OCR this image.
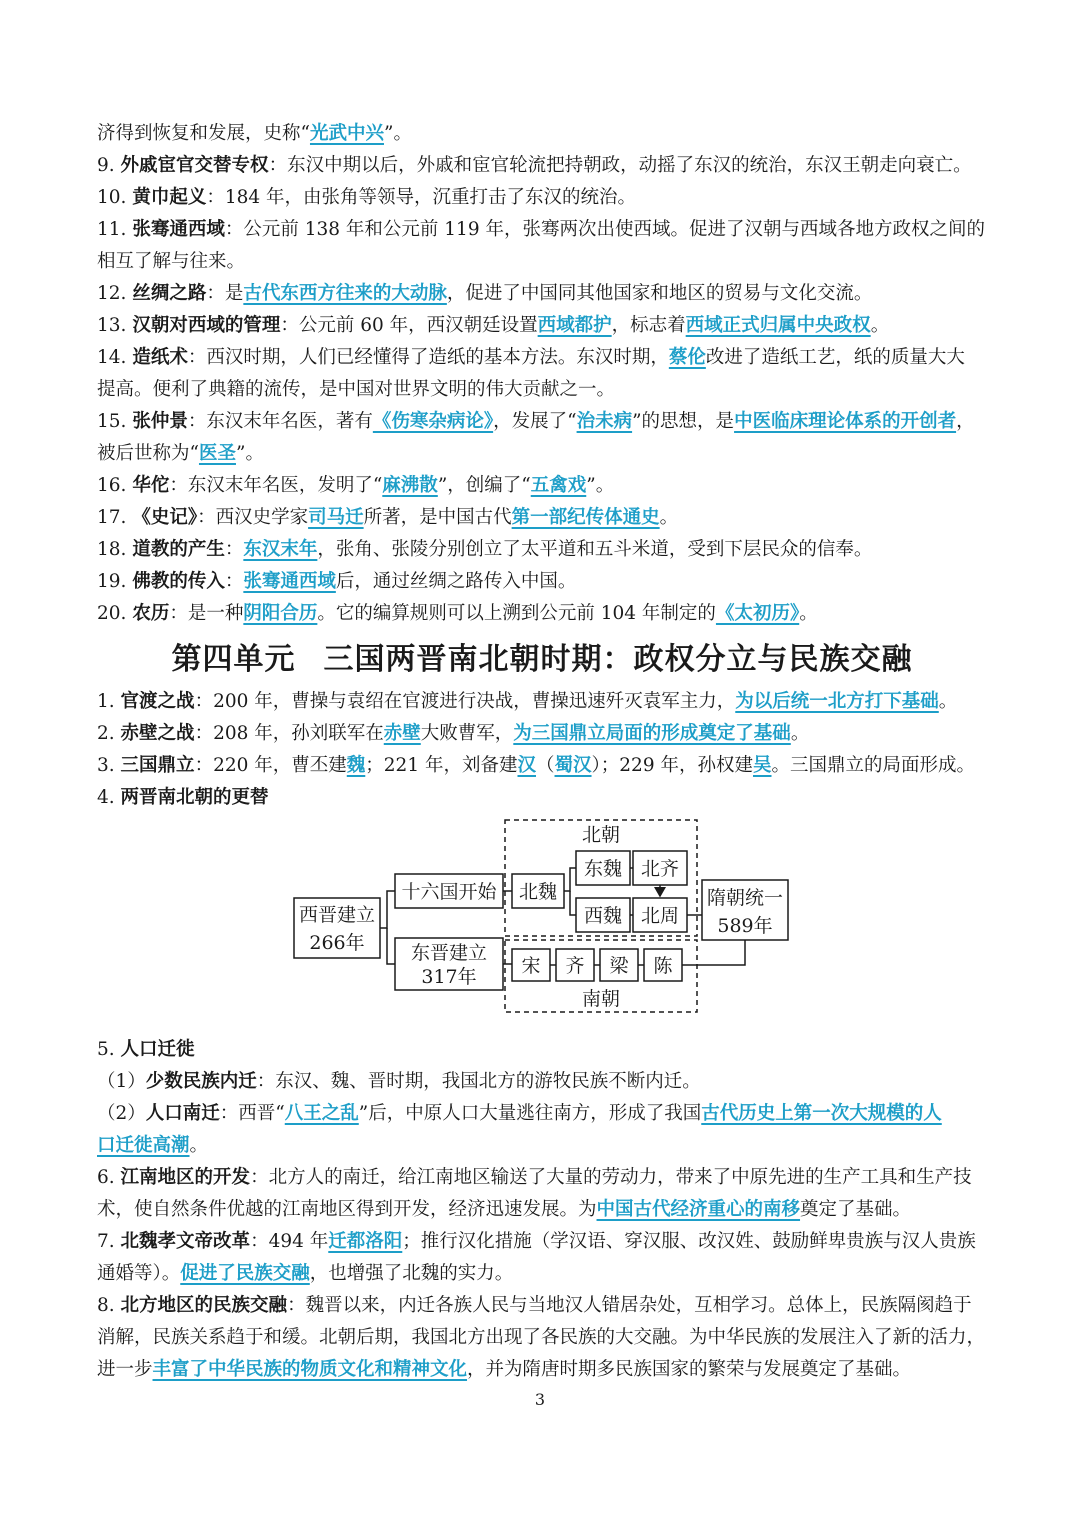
济得到恢复和发展，史称“光武中兴”。

9. 外戚宦官交替专权：东汉中期以后，外戚和宦官轮流把持朝政，动摇了东汉的统治，东汉王朝走向衰亡。

10. 黄巾起义：184 年，由张角等领导，沉重打击了东汉的统治。

11. 张骞通西域：公元前 138 年和公元前 119 年，张骞两次出使西域。促进了汉朝与西域各地方政权之间的

相互了解与往来。

12. 丝绸之路：是古代东西方往来的大动脉，促进了中国同其他国家和地区的贸易与文化交流。

13. 汉朝对西域的管理：公元前 60 年，西汉朝廷设置西域都护，标志着西域正式归属中央政权。

14. 造纸术：西汉时期，人们已经懂得了造纸的基本方法。东汉时期，蔡伦改进了造纸工艺，纸的质量大大

提高。便利了典籍的流传，是中国对世界文明的伟大贡献之一。

15. 张仲景：东汉末年名医，著有《伤寒杂病论》，发展了“治未病”的思想，是中医临床理论体系的开创者，

被后世称为“医圣”。

16. 华佗：东汉末年名医，发明了“麻沸散”，创编了“五禽戏”。

17. 《史记》：西汉史学家司马迁所著，是中国古代第一部纪传体通史。

18. 道教的产生：东汉末年，张角、张陵分别创立了太平道和五斗米道，受到下层民众的信奉。

19. 佛教的传入：张骞通西域后，通过丝绸之路传入中国。

20. 农历：是一种阴阳合历。它的编算规则可以上溯到公元前 104 年制定的《太初历》。

第四单元 三国两晋南北朝时期：政权分立与民族交融

1. 官渡之战：200 年，曹操与袁绍在官渡进行决战，曹操迅速歼灭袁军主力，为以后统一北方打下基础。

2. 赤壁之战：208 年，孙刘联军在赤壁大败曹军，为三国鼎立局面的形成奠定了基础。

3. 三国鼎立：220 年，曹丕建魏；221 年，刘备建汉（蜀汉）；229 年，孙权建吴。三国鼎立的局面形成。

4. 两晋南北朝的更替

5. 人口迁徙

（1）少数民族内迁：东汉、魏、晋时期，我国北方的游牧民族不断内迁。

（2）人口南迁：西晋“八王之乱”后，中原人口大量逃往南方，形成了我国古代历史上第一次大规模的人

口迁徙高潮。

6. 江南地区的开发：北方人的南迁，给江南地区输送了大量的劳动力，带来了中原先进的生产工具和生产技

术，使自然条件优越的江南地区得到开发，经济迅速发展。为中国古代经济重心的南移奠定了基础。

7. 北魏孝文帝改革：494 年迁都洛阳；推行汉化措施（学汉语、穿汉服、改汉姓、鼓励鲜卑贵族与汉人贵族

通婚等）。促进了民族交融，也增强了北魏的实力。

8. 北方地区的民族交融：魏晋以来，内迁各族人民与当地汉人错居杂处，互相学习。总体上，民族隔阂趋于

消解，民族关系趋于和缓。北朝后期，我国北方出现了各民族的大交融。为中华民族的发展注入了新的活力，

进一步丰富了中华民族的物质文化和精神文化，并为隋唐时期多民族国家的繁荣与发展奠定了基础。

西晋建立
266年
十六国开始
东晋建立
317年
北魏
北朝
东魏 北齐
西魏 北周
隋朝统一
589年
宋 齐 梁 陈
南朝
3
